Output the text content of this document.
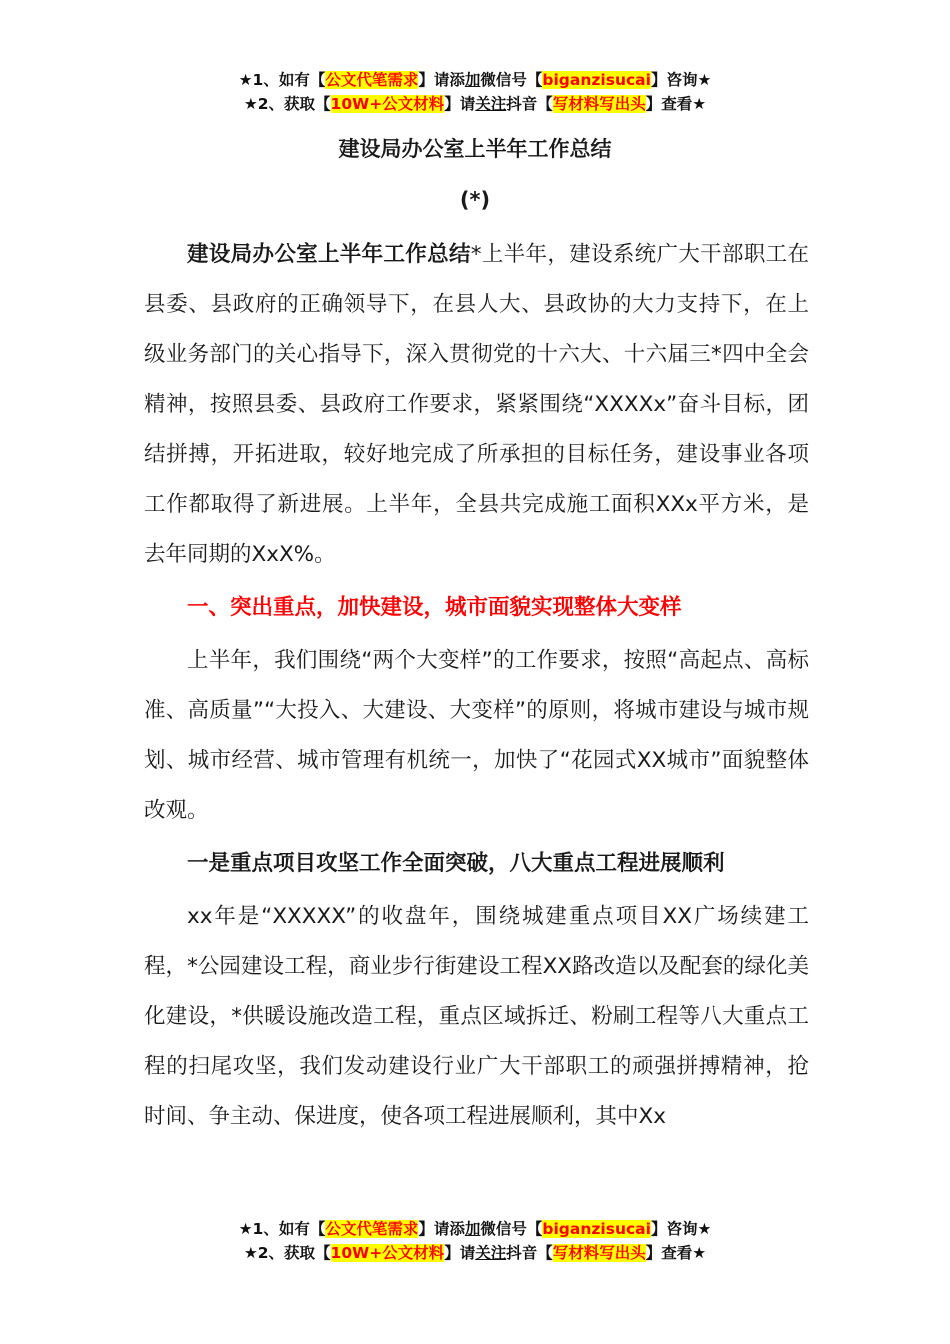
★1、如有【公文代笔需求】请添加微信号【biganzisucai】咨询★
★2、获取【10W+公文材料】请关注抖音【写材料写出头】查看★
建设局办公室上半年工作总结
(*)

建设局办公室上半年工作总结*上半年，建设系统广大干部职工在县委、县政府的正确领导下，在县人大、县政协的大力支持下，在上级业务部门的关心指导下，深入贯彻党的十六大、十六届三*四中全会精神，按照县委、县政府工作要求，紧紧围绕“XXXXx”奋斗目标，团结拼搏，开拓进取，较好地完成了所承担的目标任务，建设事业各项工作都取得了新进展。上半年，全县共完成施工面积XXx平方米，是去年同期的XxX%。

一、突出重点，加快建设，城市面貌实现整体大变样

上半年，我们围绕“两个大变样”的工作要求，按照“高起点、高标准、高质量”“大投入、大建设、大变样”的原则，将城市建设与城市规划、城市经营、城市管理有机统一，加快了“花园式XX城市”面貌整体改观。

一是重点项目攻坚工作全面突破，八大重点工程进展顺利

xx年是“XXXXX”的收盘年，围绕城建重点项目XX广场续建工程，*公园建设工程，商业步行街建设工程XX路改造以及配套的绿化美化建设，*供暖设施改造工程，重点区域拆迁、粉刷工程等八大重点工程的扫尾攻坚，我们发动建设行业广大干部职工的顽强拼搏精神，抢时间、争主动、保进度，使各项工程进展顺利，其中Xx

★1、如有【公文代笔需求】请添加微信号【biganzisucai】咨询★
★2、获取【10W+公文材料】请关注抖音【写材料写出头】查看★
